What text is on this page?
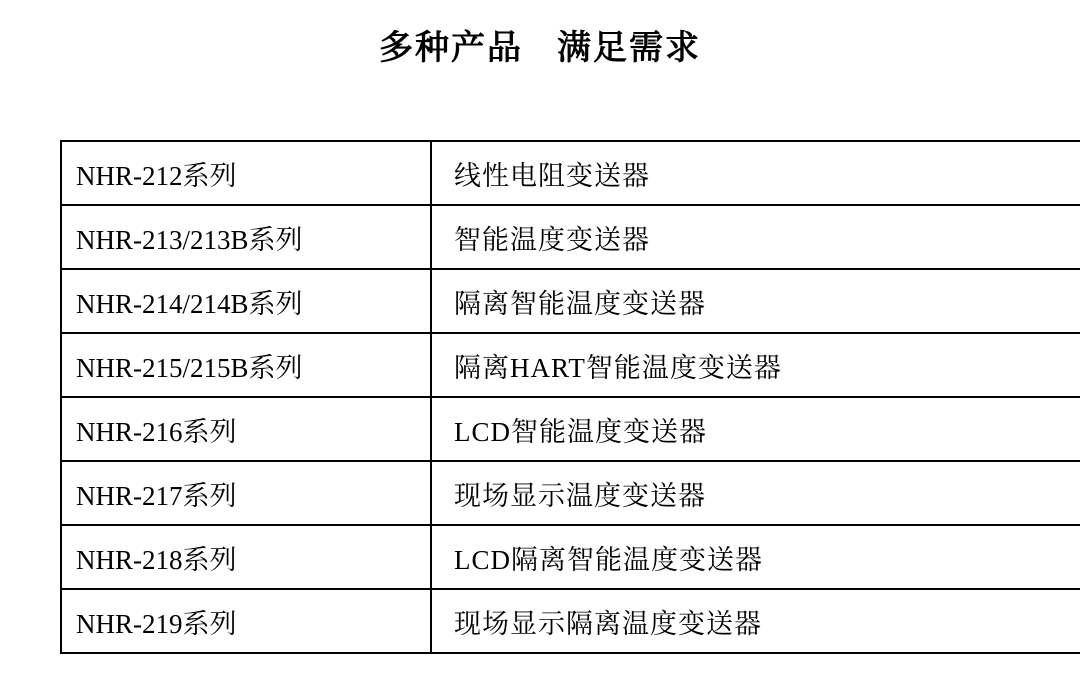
多种产品 满足需求
NHR-212系列	线性电阻变送器
NHR-213/213B系列	智能温度变送器
NHR-214/214B系列	隔离智能温度变送器
NHR-215/215B系列	隔离HART智能温度变送器
NHR-216系列	LCD智能温度变送器
NHR-217系列	现场显示温度变送器
NHR-218系列	LCD隔离智能温度变送器
NHR-219系列	现场显示隔离温度变送器
